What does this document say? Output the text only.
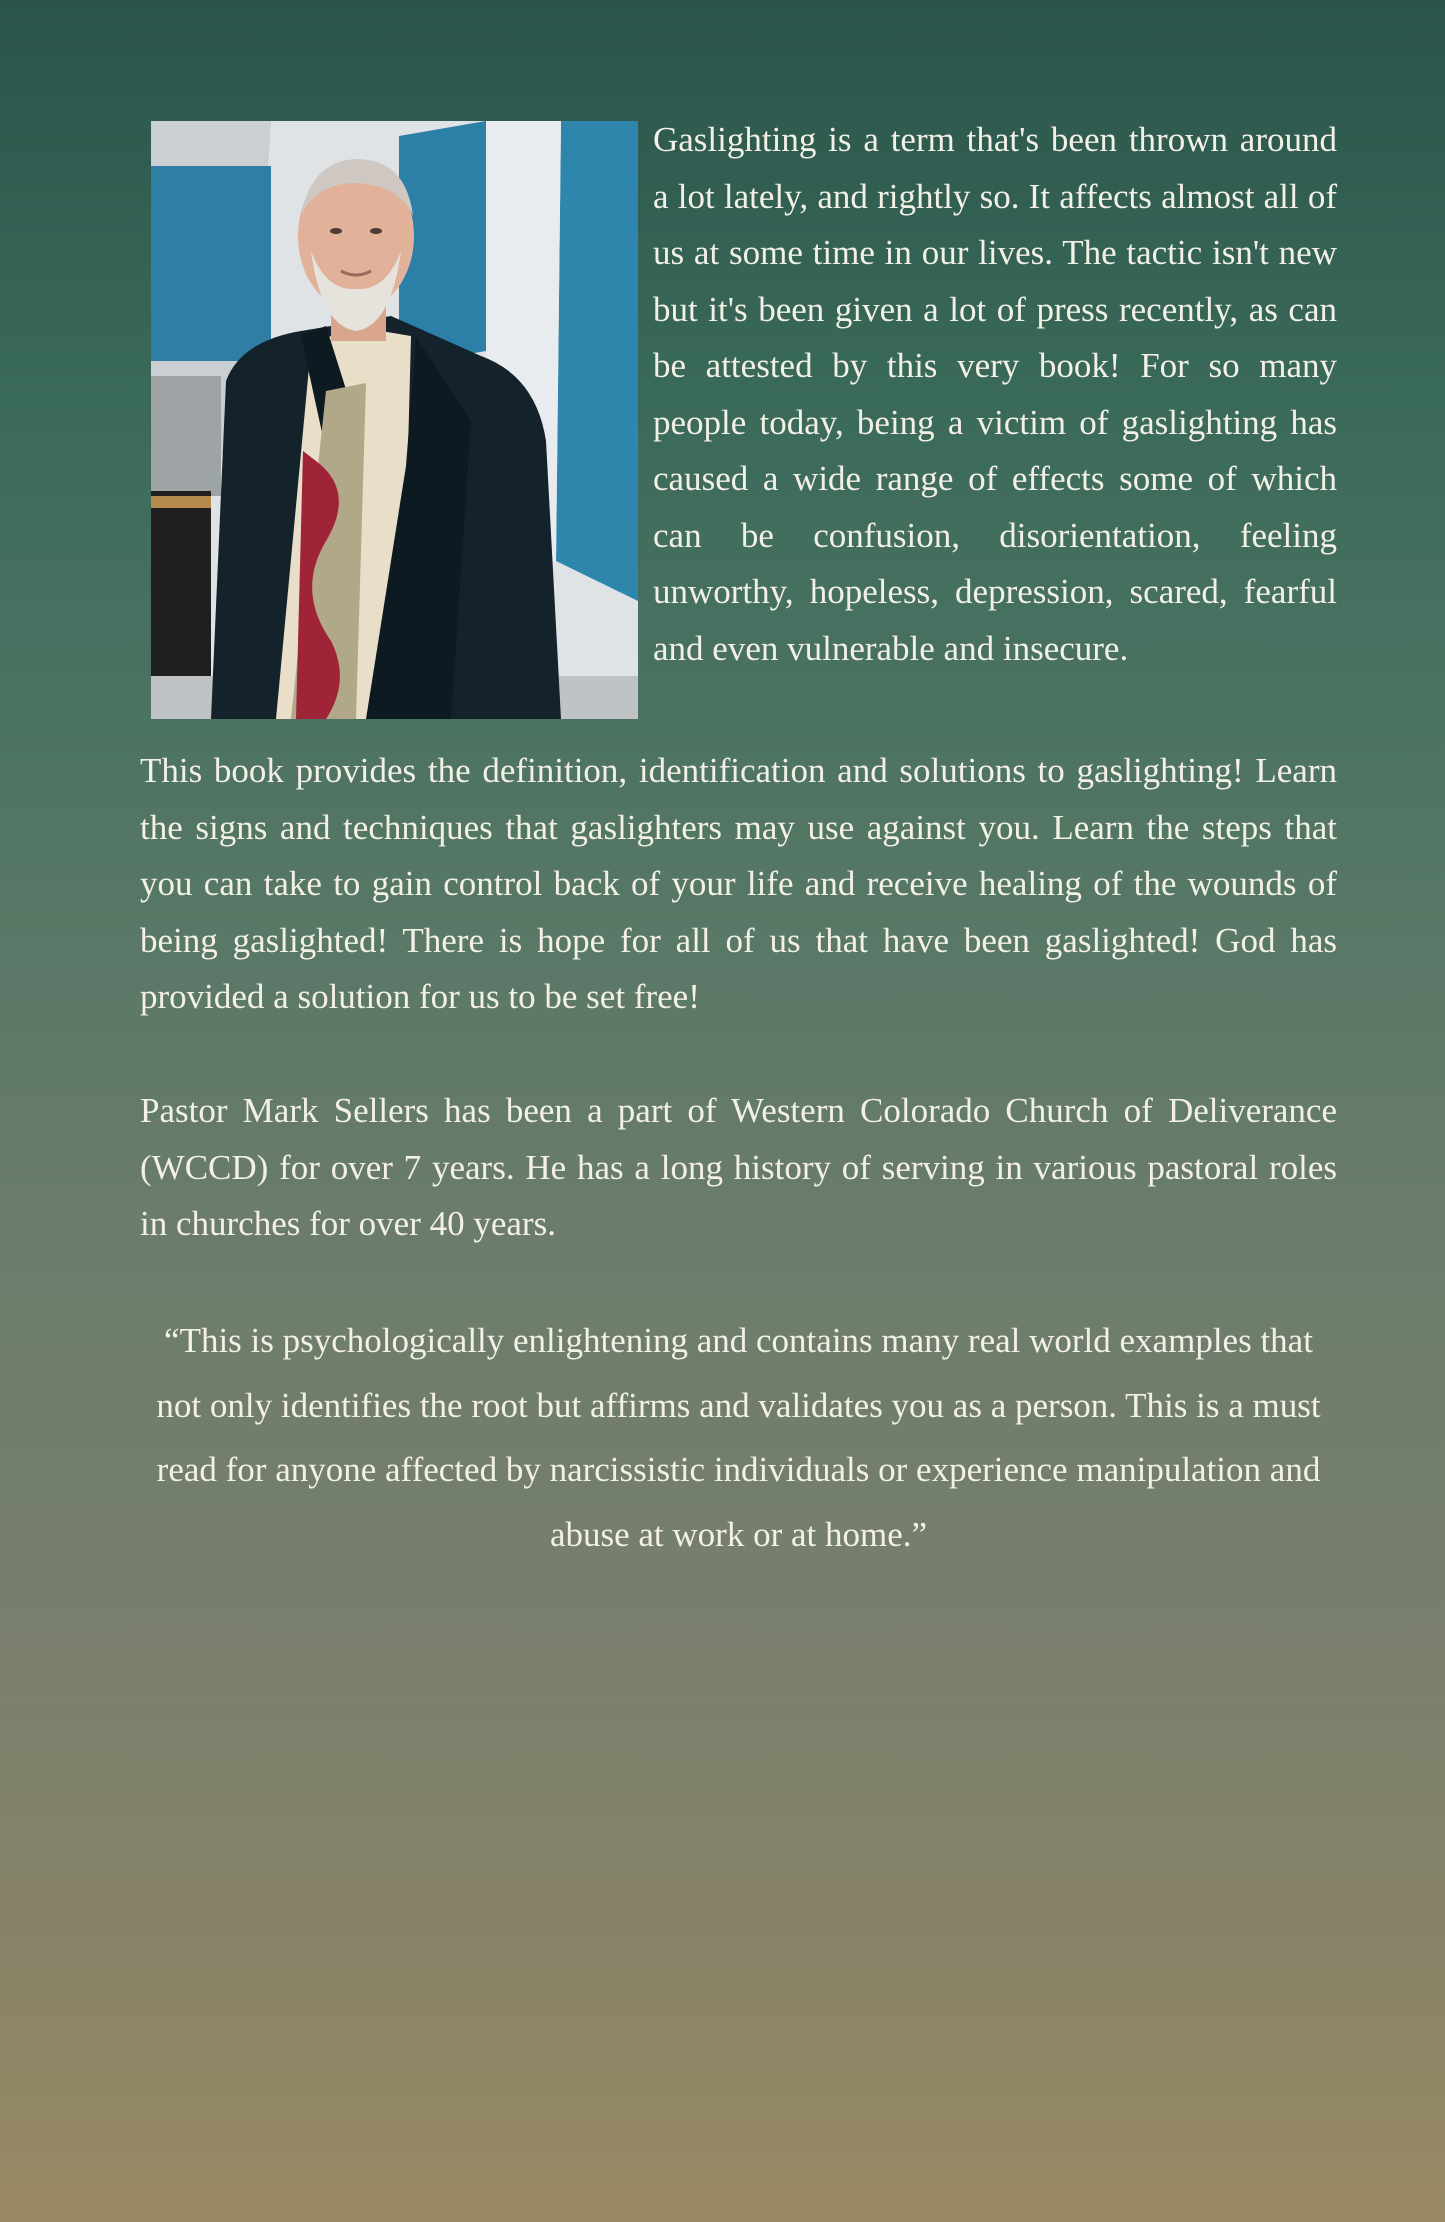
Gaslighting is a term that's been thrown around a lot lately, and rightly so. It affects almost all of us at some time in our lives. The tactic isn't new but it's been given a lot of press recently, as can be attested by this very book! For so many people today, being a victim of gaslighting has caused a wide range of effects some of which can be confusion, disorientation, feeling unworthy, hopeless, depression, scared, fearful and even vulnerable and insecure.

This book provides the definition, identification and solutions to gaslighting! Learn the signs and techniques that gaslighters may use against you. Learn the steps that you can take to gain control back of your life and receive healing of the wounds of being gaslighted! There is hope for all of us that have been gaslighted! God has provided a solution for us to be set free!

Pastor Mark Sellers has been a part of Western Colorado Church of Deliverance (WCCD) for over 7 years. He has a long history of serving in various pastoral roles in churches for over 40 years.

“This is psychologically enlightening and contains many real world examples that not only identifies the root but affirms and validates you as a person. This is a must read for anyone affected by narcissistic individuals or experience manipulation and abuse at work or at home.”
